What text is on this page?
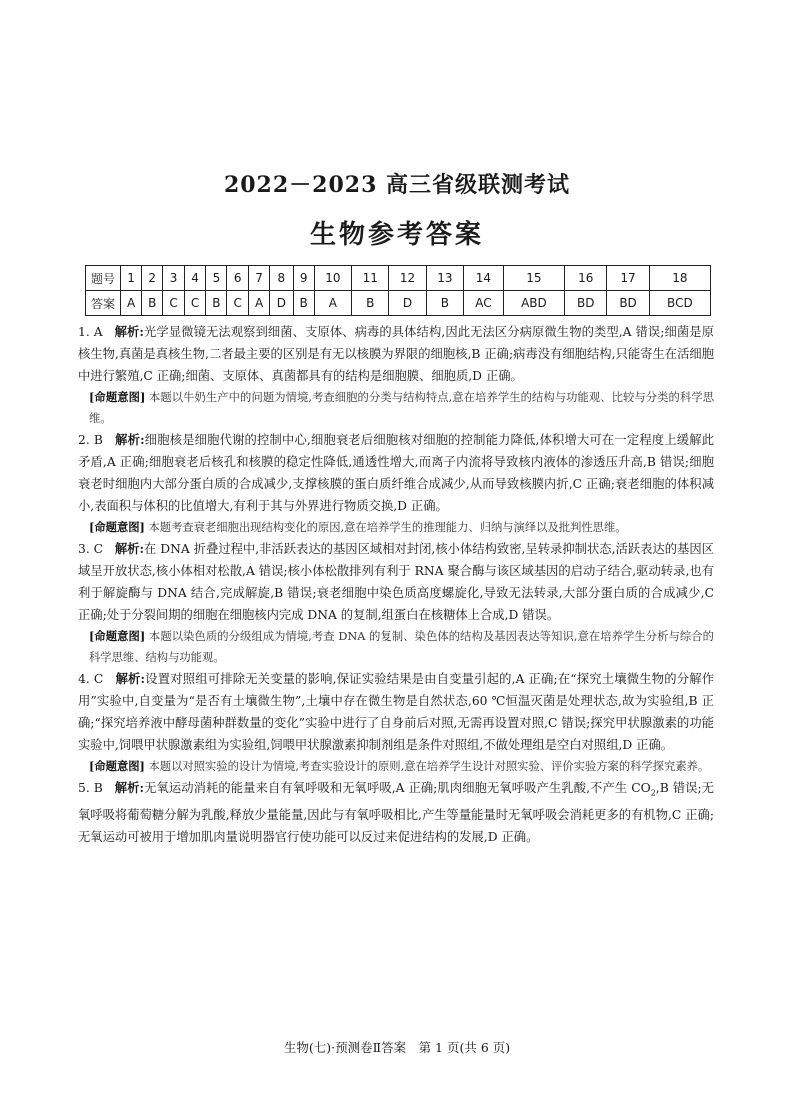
2022－2023 高三省级联测考试
生物参考答案
题号	1	2	3	4	5	6	7	8	9	10	11	12	13	14	15	16	17	18
答案	A	B	C	C	B	C	A	D	B	A	B	D	B	AC	ABD	BD	BD	BCD

1. A 解析:光学显微镜无法观察到细菌、支原体、病毒的具体结构,因此无法区分病原微生物的类型,A 错误;细菌是原核生物,真菌是真核生物,二者最主要的区别是有无以核膜为界限的细胞核,B 正确;病毒没有细胞结构,只能寄生在活细胞中进行繁殖,C 正确;细菌、支原体、真菌都具有的结构是细胞膜、细胞质,D 正确。

[命题意图] 本题以牛奶生产中的问题为情境,考查细胞的分类与结构特点,意在培养学生的结构与功能观、比较与分类的科学思维。

2. B 解析:细胞核是细胞代谢的控制中心,细胞衰老后细胞核对细胞的控制能力降低,体积增大可在一定程度上缓解此矛盾,A 正确;细胞衰老后核孔和核膜的稳定性降低,通透性增大,而离子内流将导致核内液体的渗透压升高,B 错误;细胞衰老时细胞内大部分蛋白质的合成减少,支撑核膜的蛋白质纤维合成减少,从而导致核膜内折,C 正确;衰老细胞的体积减小,表面积与体积的比值增大,有利于其与外界进行物质交换,D 正确。

[命题意图] 本题考查衰老细胞出现结构变化的原因,意在培养学生的推理能力、归纳与演绎以及批判性思维。

3. C 解析:在 DNA 折叠过程中,非活跃表达的基因区域相对封闭,核小体结构致密,呈转录抑制状态,活跃表达的基因区域呈开放状态,核小体相对松散,A 错误;核小体松散排列有利于 RNA 聚合酶与该区域基因的启动子结合,驱动转录,也有利于解旋酶与 DNA 结合,完成解旋,B 错误;衰老细胞中染色质高度螺旋化,导致无法转录,大部分蛋白质的合成减少,C 正确;处于分裂间期的细胞在细胞核内完成 DNA 的复制,组蛋白在核糖体上合成,D 错误。

[命题意图] 本题以染色质的分级组成为情境,考查 DNA 的复制、染色体的结构及基因表达等知识,意在培养学生分析与综合的科学思维、结构与功能观。

4. C 解析:设置对照组可排除无关变量的影响,保证实验结果是由自变量引起的,A 正确;在“探究土壤微生物的分解作用”实验中,自变量为“是否有土壤微生物”,土壤中存在微生物是自然状态,60 ℃恒温灭菌是处理状态,故为实验组,B 正确;“探究培养液中酵母菌种群数量的变化”实验中进行了自身前后对照,无需再设置对照,C 错误;探究甲状腺激素的功能实验中,饲喂甲状腺激素组为实验组,饲喂甲状腺激素抑制剂组是条件对照组,不做处理组是空白对照组,D 正确。

[命题意图] 本题以对照实验的设计为情境,考查实验设计的原则,意在培养学生设计对照实验、评价实验方案的科学探究素养。

5. B 解析:无氧运动消耗的能量来自有氧呼吸和无氧呼吸,A 正确;肌肉细胞无氧呼吸产生乳酸,不产生 $CO_2,B$ 错误;无氧呼吸将葡萄糖分解为乳酸,释放少量能量,因此与有氧呼吸相比,产生等量能量时无氧呼吸会消耗更多的有机物,C 正确;无氧运动可被用于增加肌肉量说明器官行使功能可以反过来促进结构的发展,D 正确。

生物(七)·预测卷Ⅱ答案　第 1 页(共 6 页)
